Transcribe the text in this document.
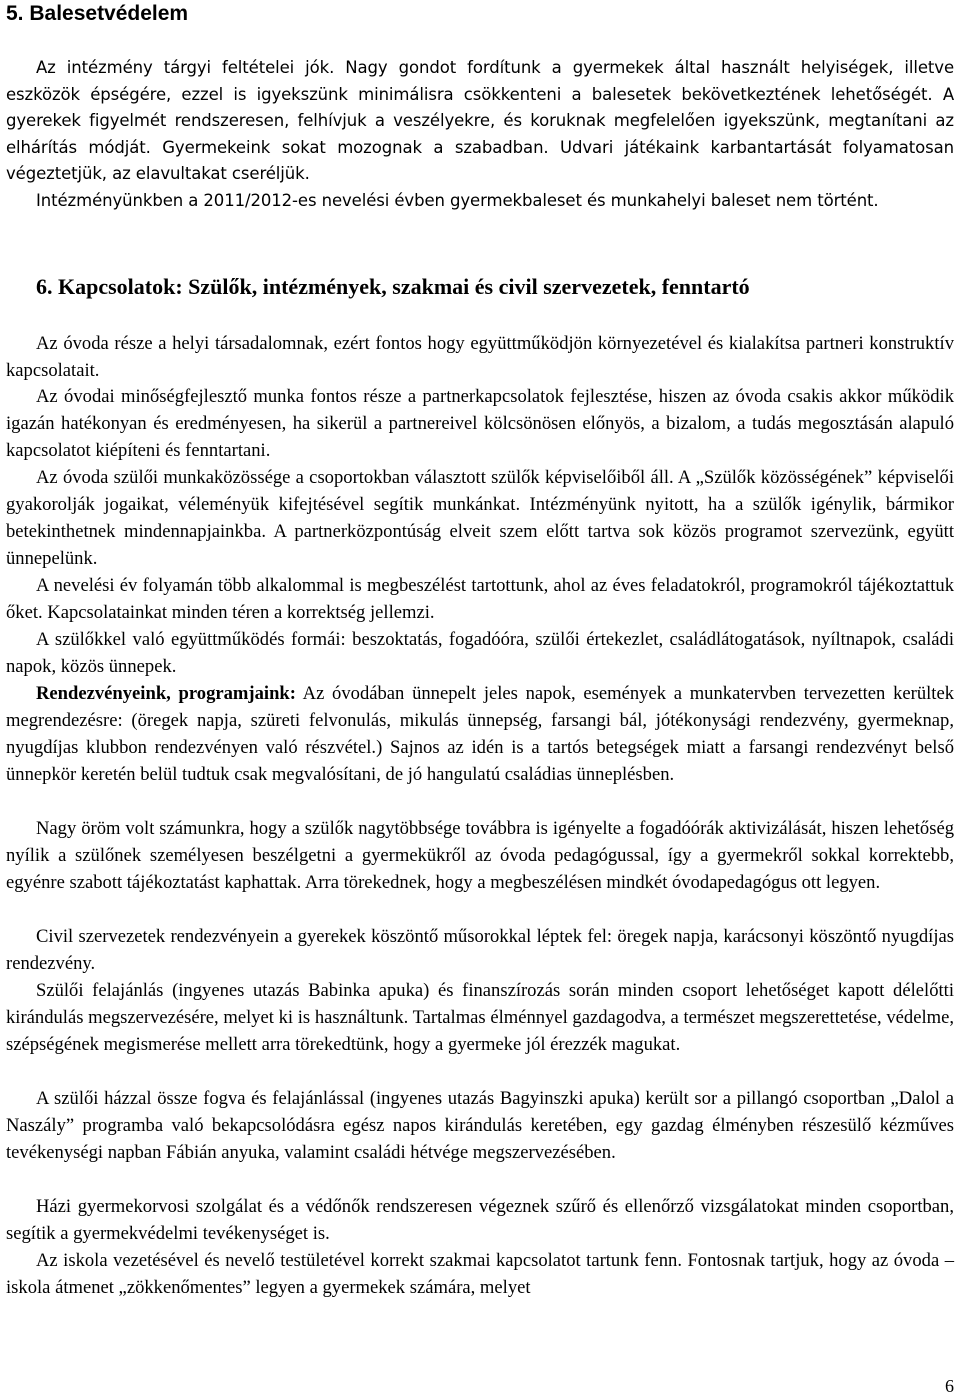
5. Balesetvédelem

Az intézmény tárgyi feltételei jók. Nagy gondot fordítunk a gyermekek által használt helyiségek, illetve eszközök épségére, ezzel is igyekszünk minimálisra csökkenteni a balesetek bekövetkeztének lehetőségét. A gyerekek figyelmét rendszeresen, felhívjuk a veszélyekre, és koruknak megfelelően igyekszünk, megtanítani az elhárítás módját. Gyermekeink sokat mozognak a szabadban. Udvari játékaink karbantartását folyamatosan végeztetjük, az elavultakat cseréljük.

Intézményünkben a 2011/2012-es nevelési évben gyermekbaleset és munkahelyi baleset nem történt.

6. Kapcsolatok: Szülők, intézmények, szakmai és civil szervezetek, fenntartó

Az óvoda része a helyi társadalomnak, ezért fontos hogy együttműködjön környezetével és kialakítsa partneri konstruktív kapcsolatait.

Az óvodai minőségfejlesztő munka fontos része a partnerkapcsolatok fejlesztése, hiszen az óvoda csakis akkor működik igazán hatékonyan és eredményesen, ha sikerül a partnereivel kölcsönösen előnyös, a bizalom, a tudás megosztásán alapuló kapcsolatot kiépíteni és fenntartani.

Az óvoda szülői munkaközössége a csoportokban választott szülők képviselőiből áll. A „Szülők közösségének” képviselői gyakorolják jogaikat, véleményük kifejtésével segítik munkánkat. Intézményünk nyitott, ha a szülők igénylik, bármikor betekinthetnek mindennapjainkba. A partnerközpontúság elveit szem előtt tartva sok közös programot szervezünk, együtt ünnepelünk.

A nevelési év folyamán több alkalommal is megbeszélést tartottunk, ahol az éves feladatokról, programokról tájékoztattuk őket. Kapcsolatainkat minden téren a korrektség jellemzi.

A szülőkkel való együttműködés formái: beszoktatás, fogadóóra, szülői értekezlet, családlátogatások, nyíltnapok, családi napok, közös ünnepek.

Rendezvényeink, programjaink: Az óvodában ünnepelt jeles napok, események a munkatervben tervezetten kerültek megrendezésre: (öregek napja, szüreti felvonulás, mikulás ünnepség, farsangi bál, jótékonysági rendezvény, gyermeknap, nyugdíjas klubbon rendezvényen való részvétel.) Sajnos az idén is a tartós betegségek miatt a farsangi rendezvényt belső ünnepkör keretén belül tudtuk csak megvalósítani, de jó hangulatú családias ünneplésben.

Nagy öröm volt számunkra, hogy a szülők nagytöbbsége továbbra is igényelte a fogadóórák aktivizálását, hiszen lehetőség nyílik a szülőnek személyesen beszélgetni a gyermekükről az óvoda pedagógussal, így a gyermekről sokkal korrektebb, egyénre szabott tájékoztatást kaphattak. Arra törekednek, hogy a megbeszélésen mindkét óvodapedagógus ott legyen.

Civil szervezetek rendezvényein a gyerekek köszöntő műsorokkal léptek fel: öregek napja, karácsonyi köszöntő nyugdíjas rendezvény.

Szülői felajánlás (ingyenes utazás Babinka apuka) és finanszírozás során minden csoport lehetőséget kapott délelőtti kirándulás megszervezésére, melyet ki is használtunk. Tartalmas élménnyel gazdagodva, a természet megszerettetése, védelme, szépségének megismerése mellett arra törekedtünk, hogy a gyermeke jól érezzék magukat.

A szülői házzal össze fogva és felajánlással (ingyenes utazás Bagyinszki apuka) került sor a pillangó csoportban „Dalol a Naszály” programba való bekapcsolódásra egész napos kirándulás keretében, egy gazdag élményben részesülő kézműves tevékenységi napban Fábián anyuka, valamint családi hétvége megszervezésében.

Házi gyermekorvosi szolgálat és a védőnők rendszeresen végeznek szűrő és ellenőrző vizsgálatokat minden csoportban, segítik a gyermekvédelmi tevékenységet is.

Az iskola vezetésével és nevelő testületével korrekt szakmai kapcsolatot tartunk fenn. Fontosnak tartjuk, hogy az óvoda – iskola átmenet „zökkenőmentes” legyen a gyermekek számára, melyet

6
